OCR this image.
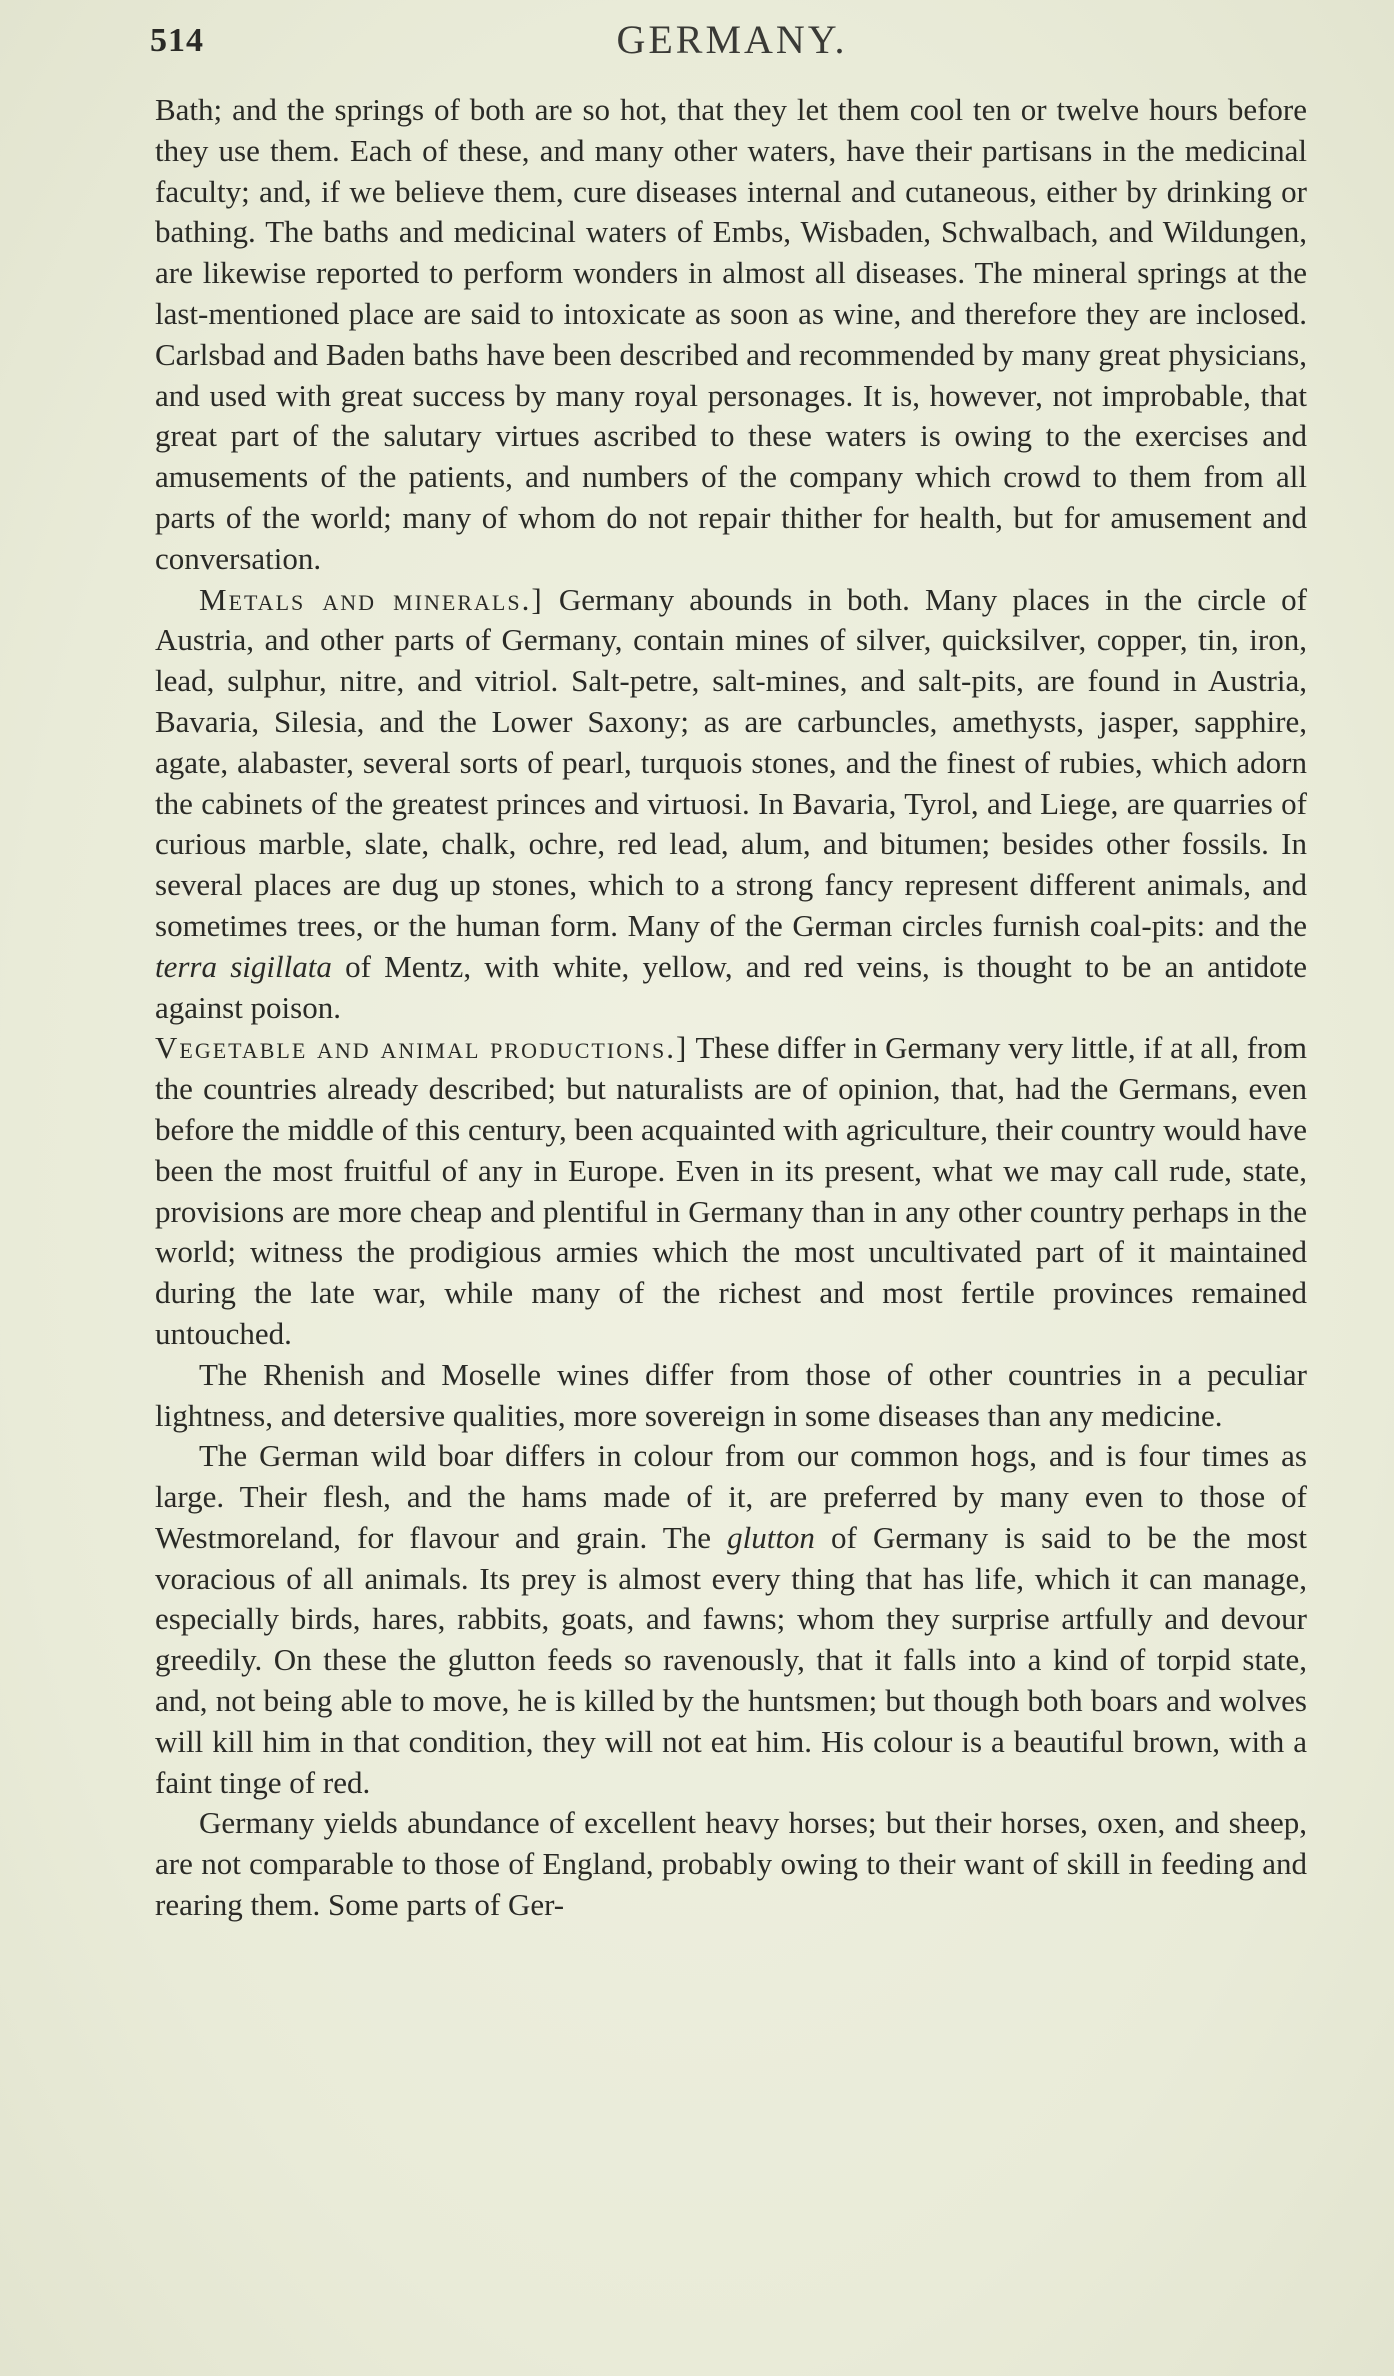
514	GERMANY.

Bath; and the springs of both are so hot, that they let them cool ten or twelve hours before they use them. Each of these, and many other waters, have their partisans in the medicinal faculty; and, if we believe them, cure diseases internal and cutaneous, either by drinking or bathing. The baths and medicinal waters of Embs, Wisbaden, Schwalbach, and Wildungen, are likewise reported to perform wonders in almost all diseases. The mineral springs at the last-mentioned place are said to intoxicate as soon as wine, and therefore they are inclosed. Carlsbad and Baden baths have been described and recommended by many great physicians, and used with great success by many royal personages. It is, however, not improbable, that great part of the salutary virtues ascribed to these waters is owing to the exercises and amusements of the patients, and numbers of the company which crowd to them from all parts of the world; many of whom do not repair thither for health, but for amusement and conversation.

Metals and minerals.] Germany abounds in both. Many places in the circle of Austria, and other parts of Germany, contain mines of silver, quicksilver, copper, tin, iron, lead, sulphur, nitre, and vitriol. Salt-petre, salt-mines, and salt-pits, are found in Austria, Bavaria, Silesia, and the Lower Saxony; as are carbuncles, amethysts, jasper, sapphire, agate, alabaster, several sorts of pearl, turquois stones, and the finest of rubies, which adorn the cabinets of the greatest princes and virtuosi. In Bavaria, Tyrol, and Liege, are quarries of curious marble, slate, chalk, ochre, red lead, alum, and bitumen; besides other fossils. In several places are dug up stones, which to a strong fancy represent different animals, and sometimes trees, or the human form. Many of the German circles furnish coal-pits: and the terra sigillata of Mentz, with white, yellow, and red veins, is thought to be an antidote against poison.

Vegetable and animal productions.] These differ in Germany very little, if at all, from the countries already described; but naturalists are of opinion, that, had the Germans, even before the middle of this century, been acquainted with agriculture, their country would have been the most fruitful of any in Europe. Even in its present, what we may call rude, state, provisions are more cheap and plentiful in Germany than in any other country perhaps in the world; witness the prodigious armies which the most uncultivated part of it maintained during the late war, while many of the richest and most fertile provinces remained untouched.

The Rhenish and Moselle wines differ from those of other countries in a peculiar lightness, and detersive qualities, more sovereign in some diseases than any medicine.

The German wild boar differs in colour from our common hogs, and is four times as large. Their flesh, and the hams made of it, are preferred by many even to those of Westmoreland, for flavour and grain. The glutton of Germany is said to be the most voracious of all animals. Its prey is almost every thing that has life, which it can manage, especially birds, hares, rabbits, goats, and fawns; whom they surprise artfully and devour greedily. On these the glutton feeds so ravenously, that it falls into a kind of torpid state, and, not being able to move, he is killed by the huntsmen; but though both boars and wolves will kill him in that condition, they will not eat him. His colour is a beautiful brown, with a faint tinge of red.

Germany yields abundance of excellent heavy horses; but their horses, oxen, and sheep, are not comparable to those of England, probably owing to their want of skill in feeding and rearing them. Some parts of Ger-
